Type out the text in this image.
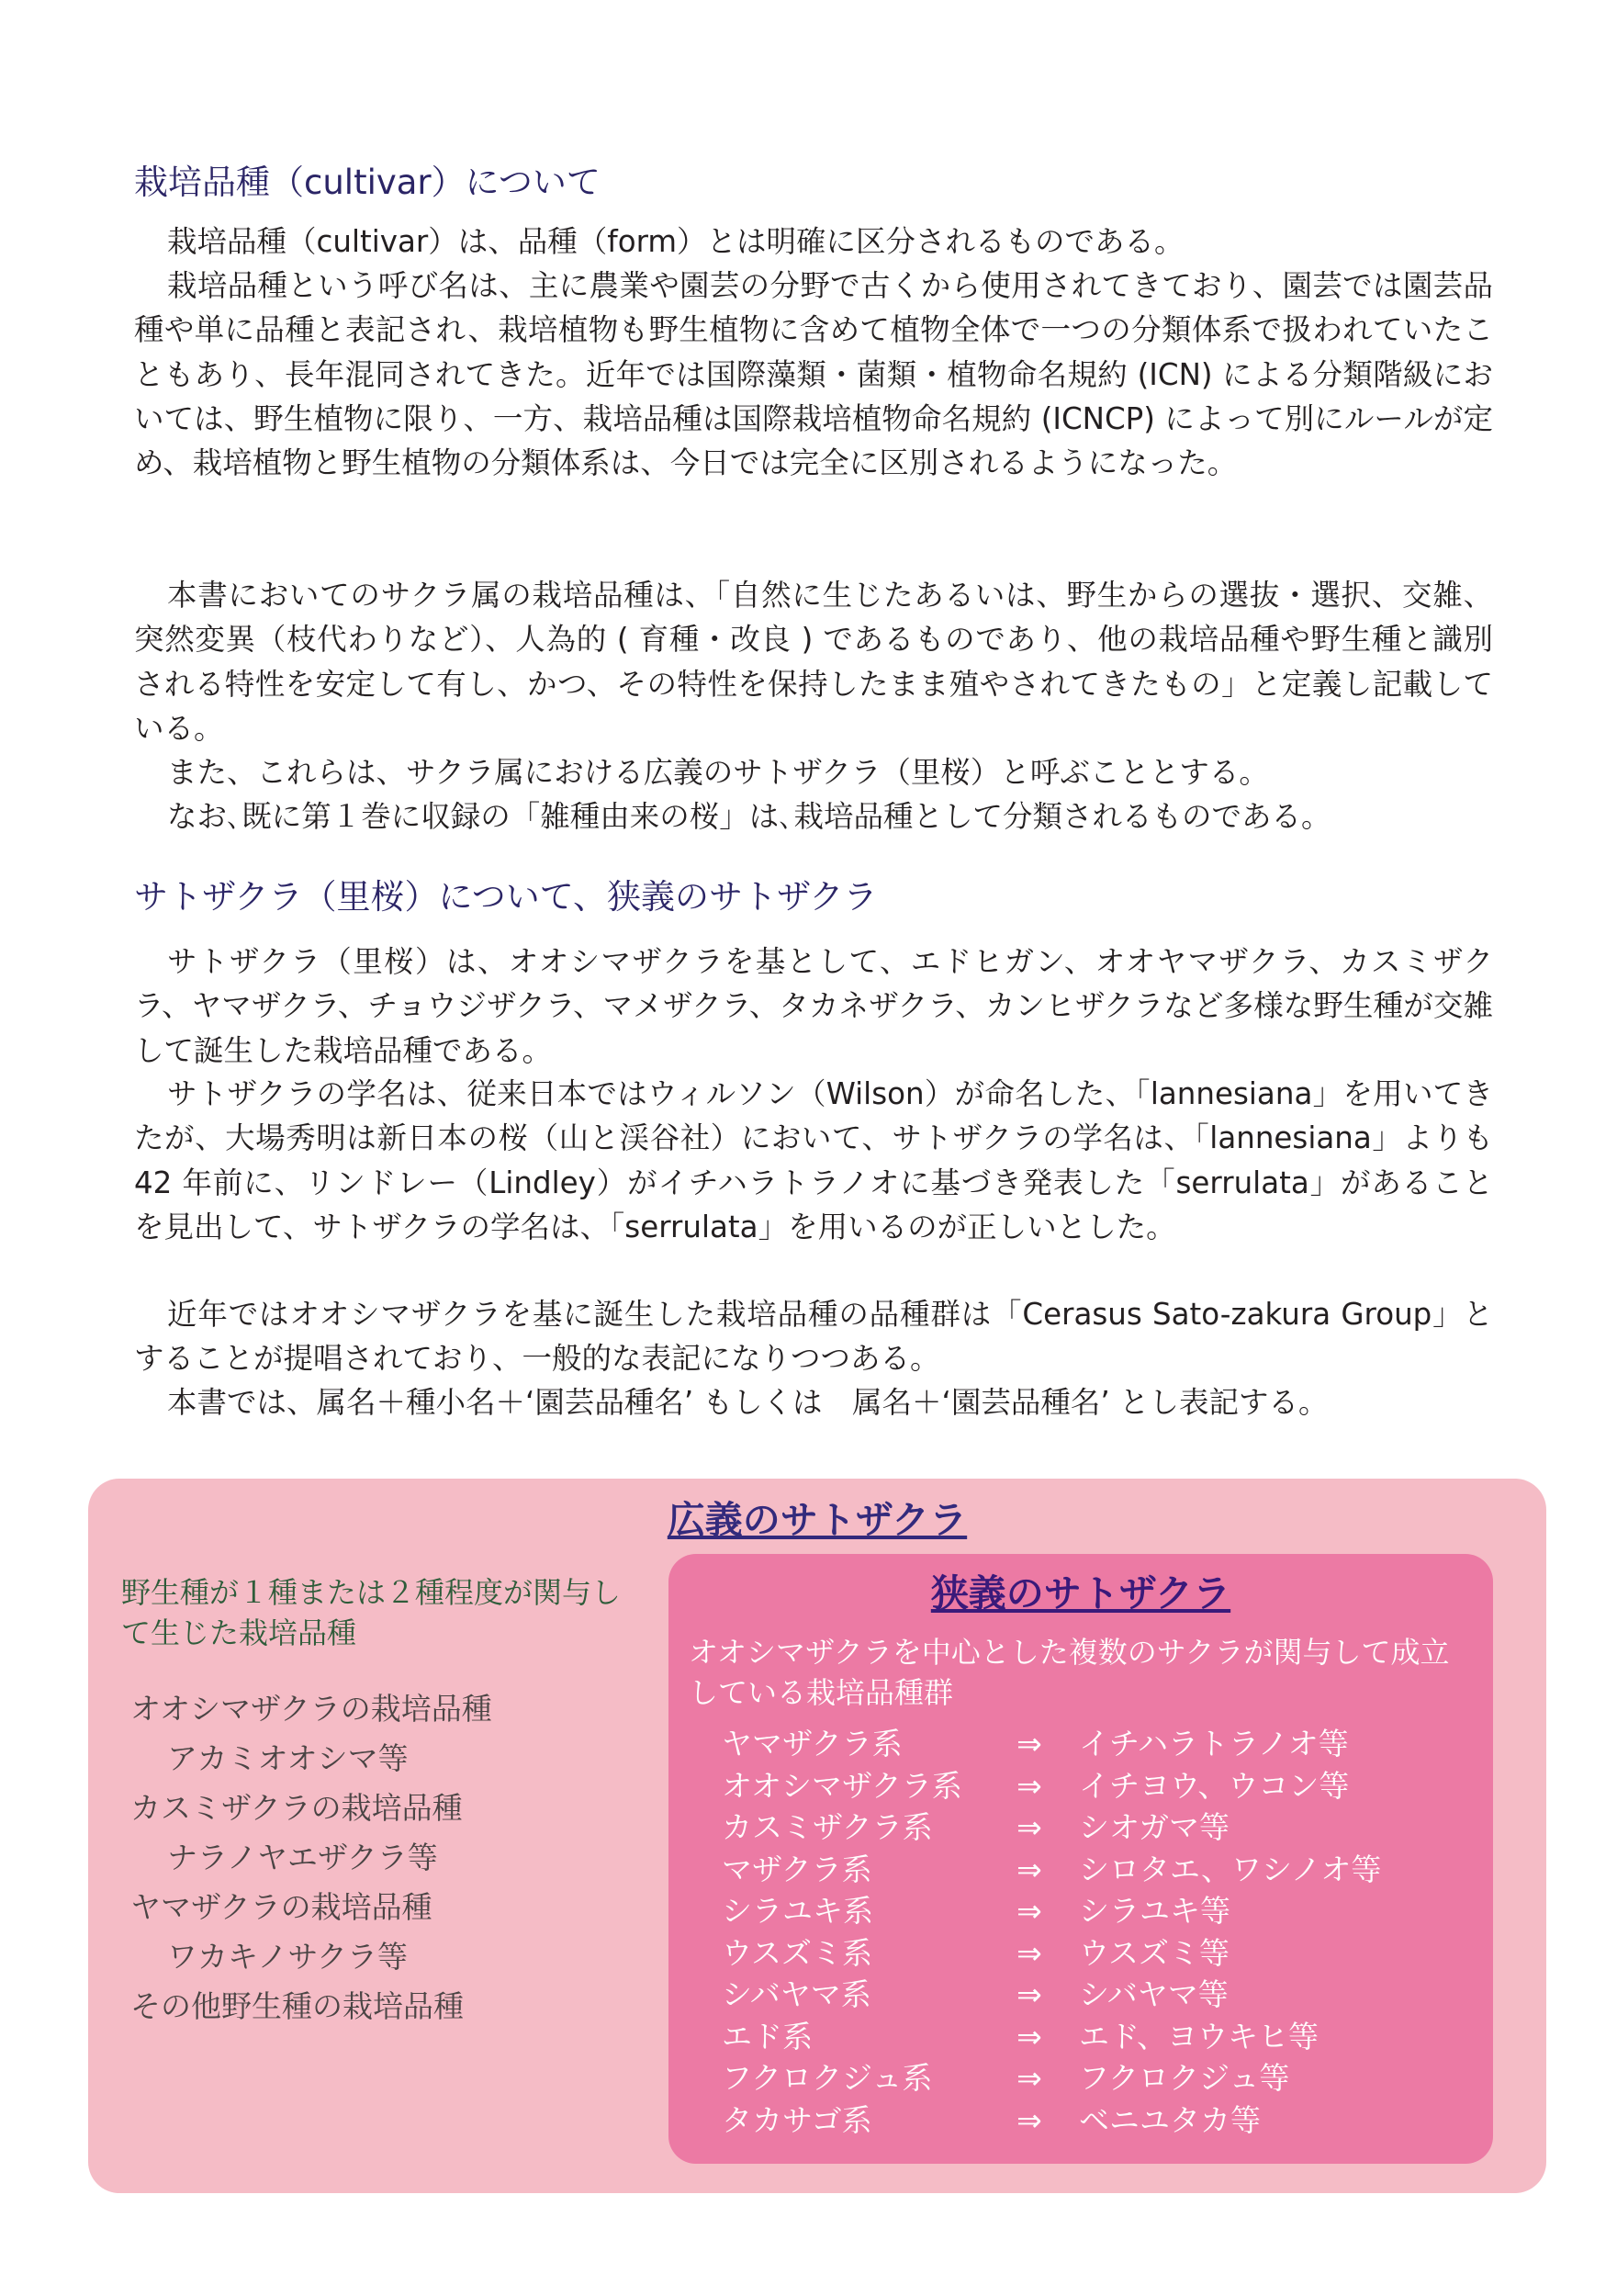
栽培品種（cultivar）について
栽培品種（cultivar）は、品種（form）とは明確に区分されるものである。
栽培品種という呼び名は、主に農業や園芸の分野で古くから使用されてきており、園芸では園芸品種や単に品種と表記され、栽培植物も野生植物に含めて植物全体で一つの分類体系で扱われていたこともあり、長年混同されてきた。近年では国際藻類・菌類・植物命名規約 (ICN) による分類階級においては、野生植物に限り、一方、栽培品種は国際栽培植物命名規約 (ICNCP) によって別にルールが定め、栽培植物と野生植物の分類体系は、今日では完全に区別されるようになった。
本書においてのサクラ属の栽培品種は、「自然に生じたあるいは、野生からの選抜・選択、交雑、突然変異（枝代わりなど）、人為的 ( 育種・改良 ) であるものであり、他の栽培品種や野生種と識別される特性を安定して有し、かつ、その特性を保持したまま殖やされてきたもの」と定義し記載している。
また、これらは、サクラ属における広義のサトザクラ（里桜）と呼ぶこととする。
なお､既に第１巻に収録の「雑種由来の桜」は､栽培品種として分類されるものである。
サトザクラ（里桜）について、狭義のサトザクラ
サトザクラ（里桜）は、オオシマザクラを基として、エドヒガン、オオヤマザクラ、カスミザクラ、ヤマザクラ、チョウジザクラ、マメザクラ、タカネザクラ、カンヒザクラなど多様な野生種が交雑して誕生した栽培品種である。
サトザクラの学名は、従来日本ではウィルソン（Wilson）が命名した、「lannesiana」を用いてきたが、大場秀明は新日本の桜（山と渓谷社）において、サトザクラの学名は、「lannesiana」よりも 42 年前に、リンドレー（Lindley）がイチハラトラノオに基づき発表した「serrulata」があることを見出して、サトザクラの学名は、「serrulata」を用いるのが正しいとした。
近年ではオオシマザクラを基に誕生した栽培品種の品種群は「Cerasus Sato-zakura Group」とすることが提唱されており、一般的な表記になりつつある。
本書では、属名＋種小名＋‘園芸品種名’ もしくは　属名＋‘園芸品種名’ とし表記する。
広義のサトザクラ
野生種が１種または２種程度が関与して生じた栽培品種
オオシマザクラの栽培品種
アカミオオシマ等
カスミザクラの栽培品種
ナラノヤエザクラ等
ヤマザクラの栽培品種
ワカキノサクラ等
その他野生種の栽培品種
狭義のサトザクラ
オオシマザクラを中心とした複数のサクラが関与して成立している栽培品種群
ヤマザクラ系	⇒	イチハラトラノオ等
オオシマザクラ系	⇒	イチヨウ、ウコン等
カスミザクラ系	⇒	シオガマ等
マザクラ系	⇒	シロタエ、ワシノオ等
シラユキ系	⇒	シラユキ等
ウスズミ系	⇒	ウスズミ等
シバヤマ系	⇒	シバヤマ等
エド系	⇒	エド、ヨウキヒ等
フクロクジュ系	⇒	フクロクジュ等
タカサゴ系	⇒	ベニユタカ等
